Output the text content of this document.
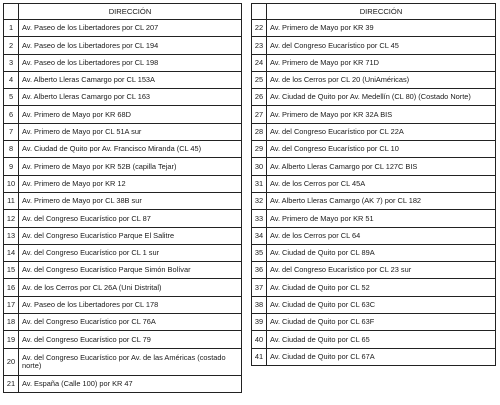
	DIRECCIÓN
1	Av. Paseo de los Libertadores por CL 207
2	Av. Paseo de los Libertadores por CL 194
3	Av. Paseo de los Libertadores por CL 198
4	Av. Alberto Lleras Camargo por CL 153A
5	Av. Alberto Lleras Camargo por CL 163
6	Av. Primero de Mayo por KR 68D
7	Av. Primero de Mayo por CL 51A sur
8	Av. Ciudad de Quito por Av. Francisco Miranda (CL 45)
9	Av. Primero de Mayo por KR 52B (capilla Tejar)
10	Av. Primero de Mayo por KR 12
11	Av. Primero de Mayo por CL 38B sur
12	Av. del Congreso Eucarístico por CL 87
13	Av. del Congreso Eucarístico Parque El Salitre
14	Av. del Congreso Eucarístico por CL 1 sur
15	Av. del Congreso Eucarístico Parque Simón Bolívar
16	Av. de los Cerros por CL 26A (Uni Distrital)
17	Av. Paseo de los Libertadores por CL 178
18	Av. del Congreso Eucarístico por CL 76A
19	Av. del Congreso Eucarístico por CL 79
20	Av. del Congreso Eucarístico por Av. de las Américas (costado norte)
21	Av. España (Calle 100) por KR 47
	DIRECCIÓN
22	Av. Primero de Mayo por KR 39
23	Av. del Congreso Eucarístico por CL 45
24	Av. Primero de Mayo por KR 71D
25	Av. de los Cerros por CL 20 (UniAméricas)
26	Av. Ciudad de Quito por Av. Medellín (CL 80) (Costado Norte)
27	Av. Primero de Mayo por KR 32A BIS
28	Av. del Congreso Eucarístico por CL 22A
29	Av. del Congreso Eucarístico por CL 10
30	Av. Alberto Lleras Camargo por CL 127C BIS
31	Av. de los Cerros por CL 45A
32	Av. Alberto Lleras Camargo (AK 7) por CL 182
33	Av. Primero de Mayo por KR 51
34	Av. de los Cerros por CL 64
35	Av. Ciudad de Quito por CL 89A
36	Av. del Congreso Eucarístico por CL 23 sur
37	Av. Ciudad de Quito por CL 52
38	Av. Ciudad de Quito por CL 63C
39	Av. Ciudad de Quito por CL 63F
40	Av. Ciudad de Quito por CL 65
41	Av. Ciudad de Quito por CL 67A
